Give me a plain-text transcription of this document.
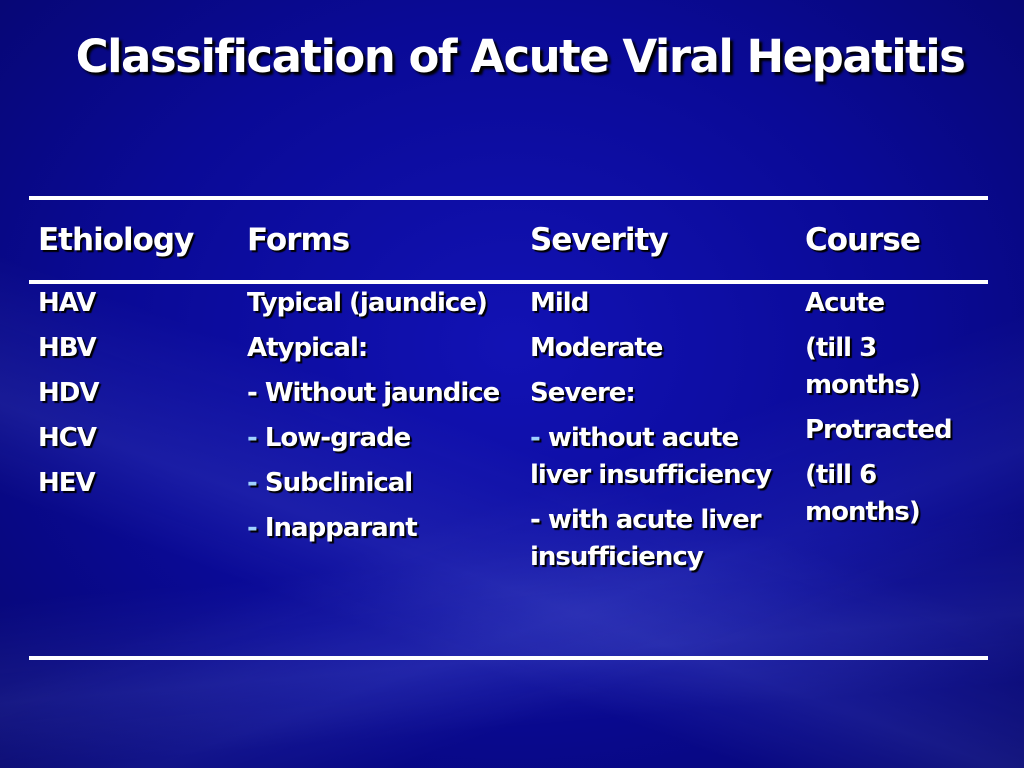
Classification of Acute Viral Hepatitis
Ethiology Forms	Severity	Course
HAV
HBV
HDV
HCV
HEV
Typical (jaundice)
Atypical:
- Without jaundice
- Low-grade
- Subclinical
- Inapparant
Mild
Moderate
Severe:
- without acute liver insufficiency
- with acute liver insufficiency
Acute
(till 3 months)
Protracted
(till 6 months)
